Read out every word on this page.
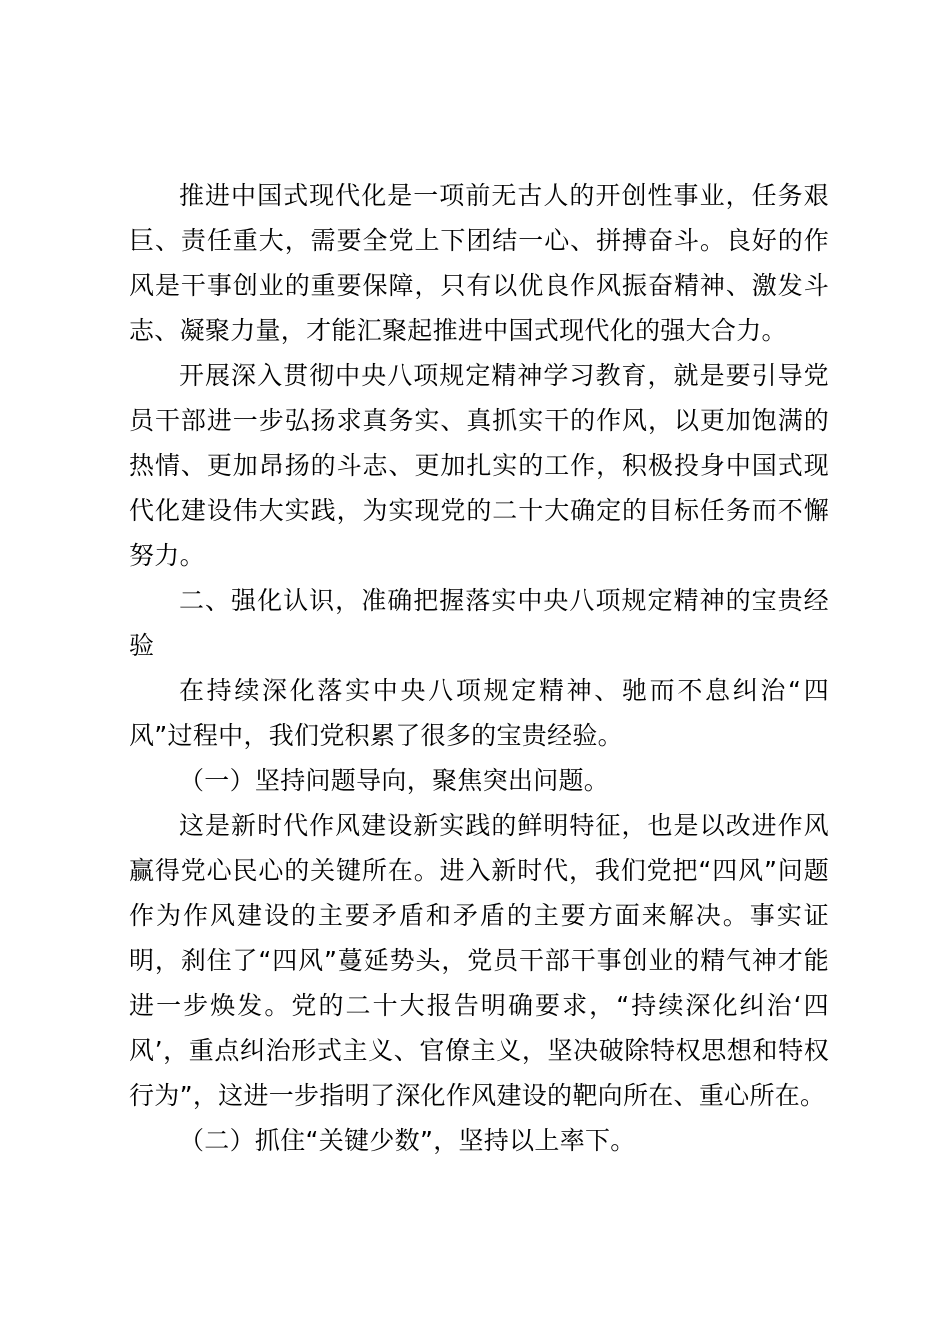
推进中国式现代化是一项前无古人的开创性事业，任务艰巨、责任重大，需要全党上下团结一心、拼搏奋斗。良好的作风是干事创业的重要保障，只有以优良作风振奋精神、激发斗志、凝聚力量，才能汇聚起推进中国式现代化的强大合力。

开展深入贯彻中央八项规定精神学习教育，就是要引导党员干部进一步弘扬求真务实、真抓实干的作风，以更加饱满的热情、更加昂扬的斗志、更加扎实的工作，积极投身中国式现代化建设伟大实践，为实现党的二十大确定的目标任务而不懈努力。

二、强化认识，准确把握落实中央八项规定精神的宝贵经验

在持续深化落实中央八项规定精神、驰而不息纠治“四风”过程中，我们党积累了很多的宝贵经验。

（一）坚持问题导向，聚焦突出问题。

这是新时代作风建设新实践的鲜明特征，也是以改进作风赢得党心民心的关键所在。进入新时代，我们党把“四风”问题作为作风建设的主要矛盾和矛盾的主要方面来解决。事实证明，刹住了“四风”蔓延势头，党员干部干事创业的精气神才能进一步焕发。党的二十大报告明确要求，“持续深化纠治‘四风’，重点纠治形式主义、官僚主义，坚决破除特权思想和特权行为”，这进一步指明了深化作风建设的靶向所在、重心所在。

（二）抓住“关键少数”，坚持以上率下。
